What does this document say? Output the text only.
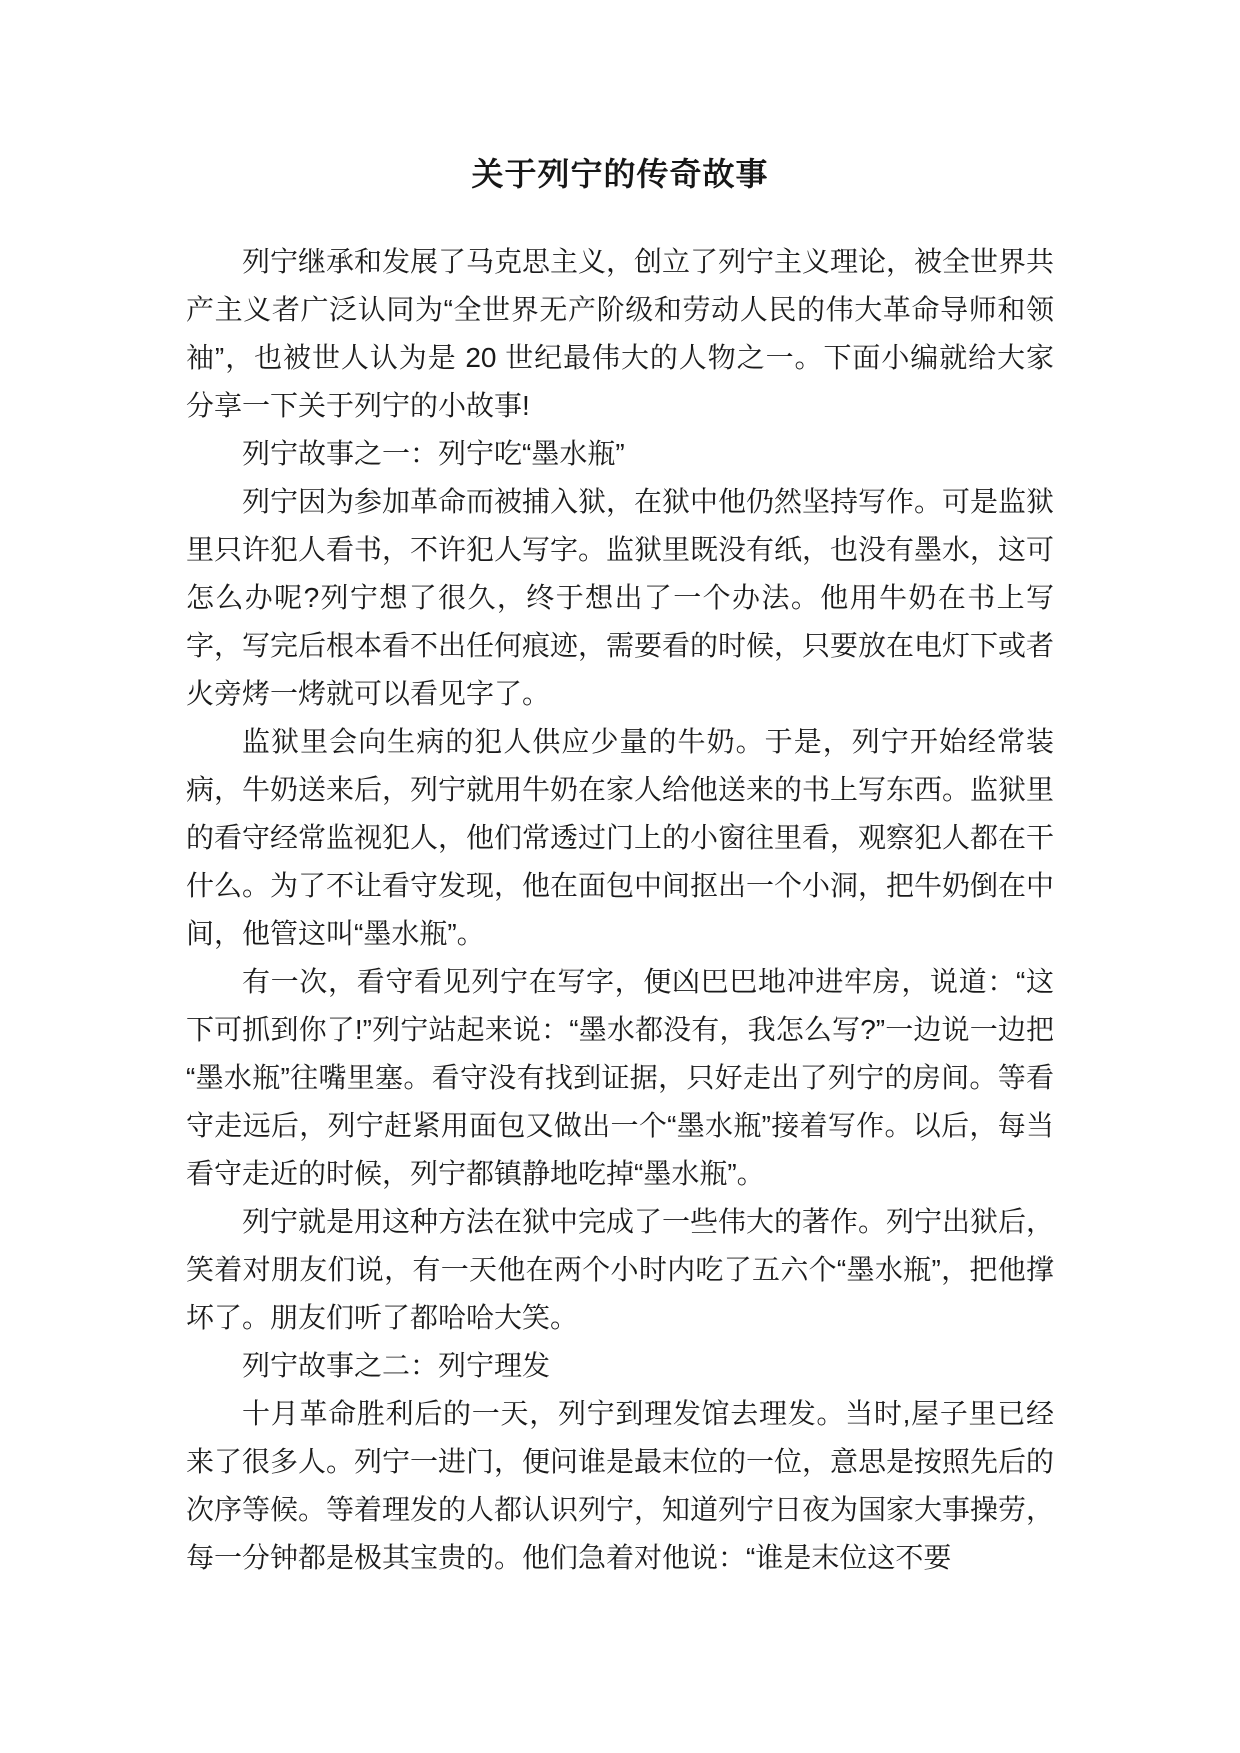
关于列宁的传奇故事

列宁继承和发展了马克思主义，创立了列宁主义理论，被全世界共产主义者广泛认同为“全世界无产阶级和劳动人民的伟大革命导师和领袖”，也被世人认为是 20 世纪最伟大的人物之一。下面小编就给大家分享一下关于列宁的小故事!

列宁故事之一：列宁吃“墨水瓶”

列宁因为参加革命而被捕入狱，在狱中他仍然坚持写作。可是监狱里只许犯人看书，不许犯人写字。监狱里既没有纸，也没有墨水，这可怎么办呢?列宁想了很久，终于想出了一个办法。他用牛奶在书上写字，写完后根本看不出任何痕迹，需要看的时候，只要放在电灯下或者火旁烤一烤就可以看见字了。

监狱里会向生病的犯人供应少量的牛奶。于是，列宁开始经常装病，牛奶送来后，列宁就用牛奶在家人给他送来的书上写东西。监狱里的看守经常监视犯人，他们常透过门上的小窗往里看，观察犯人都在干什么。为了不让看守发现，他在面包中间抠出一个小洞，把牛奶倒在中间，他管这叫“墨水瓶”。

有一次，看守看见列宁在写字，便凶巴巴地冲进牢房，说道：“这下可抓到你了!”列宁站起来说：“墨水都没有，我怎么写?”一边说一边把“墨水瓶”往嘴里塞。看守没有找到证据，只好走出了列宁的房间。等看守走远后，列宁赶紧用面包又做出一个“墨水瓶”接着写作。以后，每当看守走近的时候，列宁都镇静地吃掉“墨水瓶”。

列宁就是用这种方法在狱中完成了一些伟大的著作。列宁出狱后，笑着对朋友们说，有一天他在两个小时内吃了五六个“墨水瓶”，把他撑坏了。朋友们听了都哈哈大笑。

列宁故事之二：列宁理发

十月革命胜利后的一天，列宁到理发馆去理发。当时,屋子里已经来了很多人。列宁一进门，便问谁是最末位的一位，意思是按照先后的次序等候。等着理发的人都认识列宁，知道列宁日夜为国家大事操劳，每一分钟都是极其宝贵的。他们急着对他说：“谁是末位这不要
